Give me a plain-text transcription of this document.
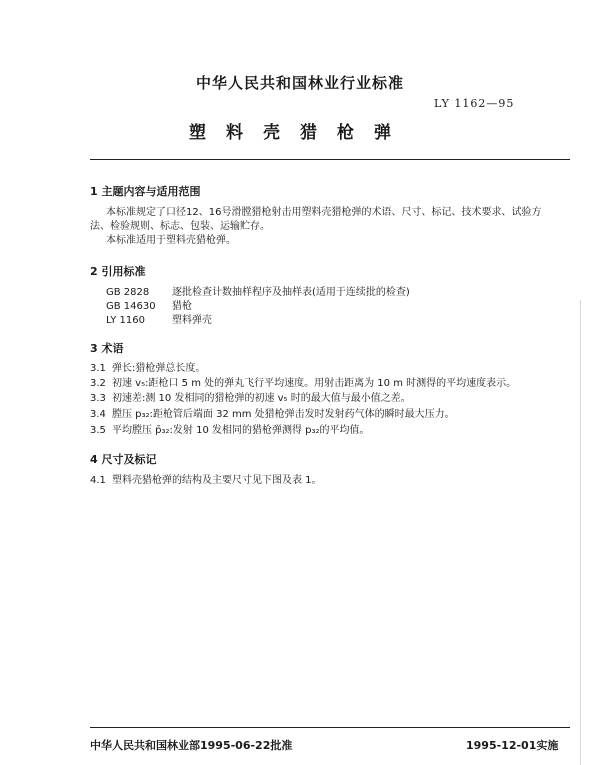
中华人民共和国林业行业标准
LY 1162—95
塑料壳猎枪弹
1 主题内容与适用范围
本标准规定了口径12、16号滑膛猎枪射击用塑料壳猎枪弹的术语、尺寸、标记、技术要求、试验方
法、检验规则、标志、包装、运输贮存。
本标准适用于塑料壳猎枪弹。
2 引用标准
GB 2828	逐批检查计数抽样程序及抽样表(适用于连续批的检查)
GB 14630	猎枪
LY 1160	塑料弹壳
3 术语
3.1 弹长:猎枪弹总长度。
3.2 初速 v₅:距枪口 5 m 处的弹丸飞行平均速度。用射击距离为 10 m 时测得的平均速度表示。
3.3 初速差:测 10 发相同的猎枪弹的初速 v₅ 时的最大值与最小值之差。
3.4 膛压 p₃₂:距枪管后端面 32 mm 处猎枪弹击发时发射药气体的瞬时最大压力。
3.5 平均膛压 p̄₃₂:发射 10 发相同的猎枪弹测得 p₃₂的平均值。
4 尺寸及标记
4.1 塑料壳猎枪弹的结构及主要尺寸见下图及表 1。
中华人民共和国林业部1995-06-22批准	1995-12-01实施
